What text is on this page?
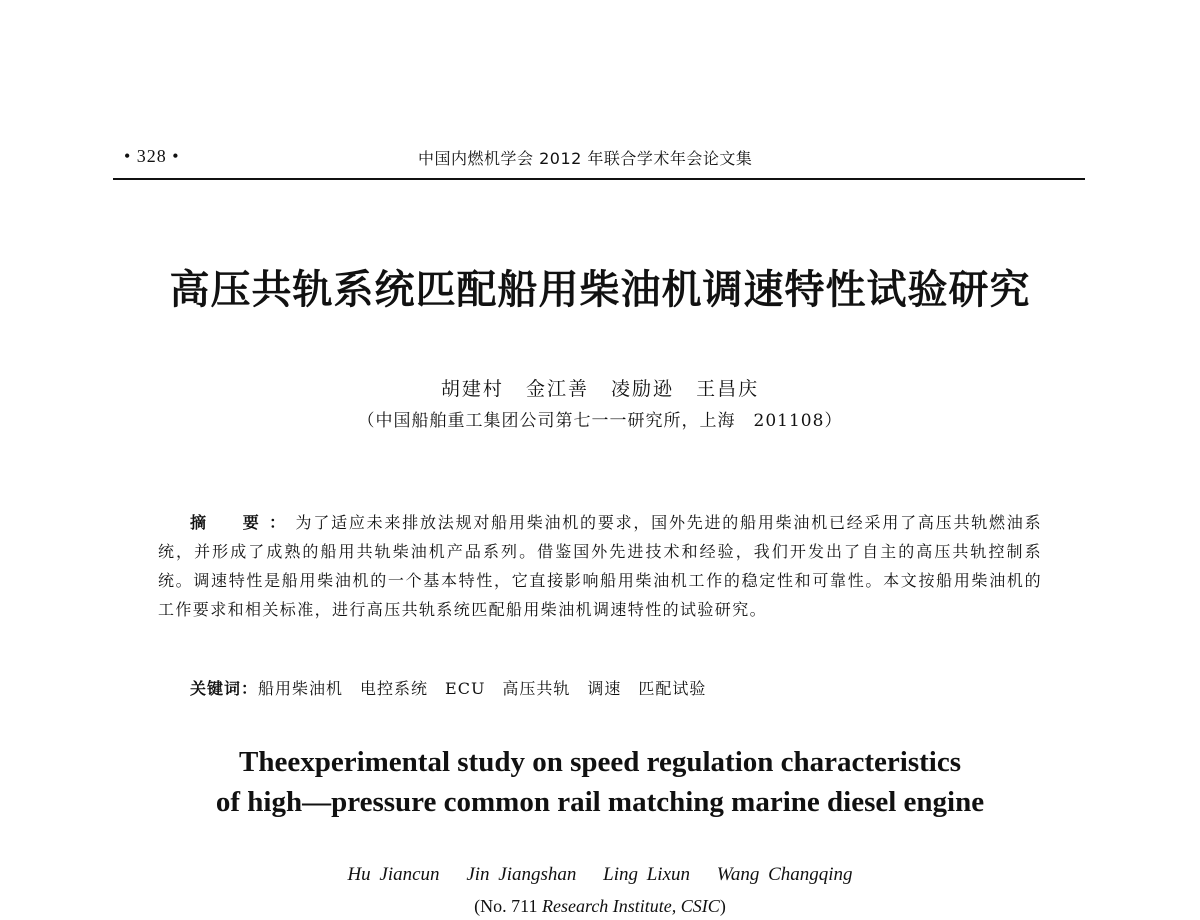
• 328 •	中国内燃机学会 2012 年联合学术年会论文集
高压共轨系统匹配船用柴油机调速特性试验研究
胡建村 金江善 凌励逊 王昌庆
（中国船舶重工集团公司第七一一研究所，上海　201108）
摘　要：为了适应未来排放法规对船用柴油机的要求，国外先进的船用柴油机已经采用了高压共轨燃油系统，并形成了成熟的船用共轨柴油机产品系列。借鉴国外先进技术和经验，我们开发出了自主的高压共轨控制系统。调速特性是船用柴油机的一个基本特性，它直接影响船用柴油机工作的稳定性和可靠性。本文按船用柴油机的工作要求和相关标准，进行高压共轨系统匹配船用柴油机调速特性的试验研究。
关键词：船用柴油机　电控系统　ECU　高压共轨　调速　匹配试验
Theexperimental study on speed regulation characteristics
of high—pressure common rail matching marine diesel engine
Hu Jiancun Jin Jiangshan Ling Lixun Wang Changqing
(No. 711 Research Institute, CSIC)
